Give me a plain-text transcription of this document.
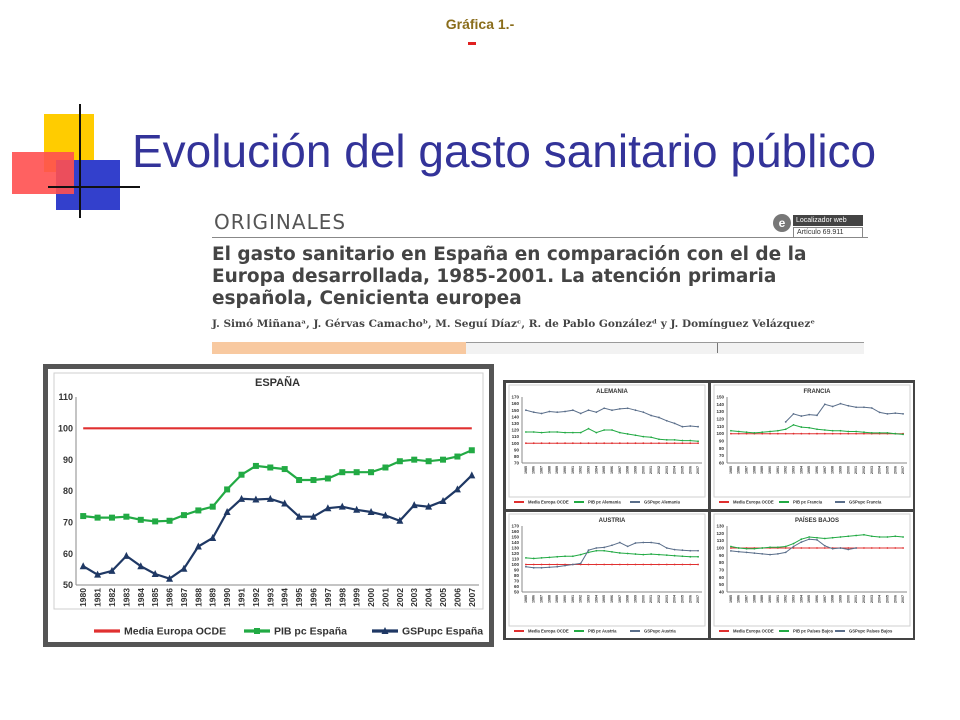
Gráfica 1.-
Evolución del gasto sanitario público
ORIGINALES	e	Localizador web
Artículo 69.911
El gasto sanitario en España en comparación con el de la Europa desarrollada, 1985-2001. La atención primaria española, Cenicienta europea
J. Simó Miñanaᵃ, J. Gérvas Camachoᵇ, M. Seguí Díazᶜ, R. de Pablo Gonzálezᵈ y J. Domínguez Velázquezᵉ
ESPAÑA
50
60
70
80
90
100
110
1980 1981 1982 1983 1984 1985 1986 1987 1988 1989 1990 1991 1992 1993 1994 1995 1996 1997 1998 1999 2000 2001 2002 2003 2004 2005 2006 2007
Media Europa OCDE	PIB pc España	GSPupc España
ALEMANIA
70
80
90
100
110
120
130
140
150
160
170
1985 1986 1987 1988 1989 1990 1991 1992 1993 1994 1995 1996 1997 1998 1999 2000 2001 2002 2003 2004 2005 2006 2007
Media Europa OCDE	PIB pc Alemania	GSPupc Alemania
FRANCIA
60
70
80
90
100
110
120
130
140
150
1985 1986 1987 1988 1989 1990 1991 1992 1993 1994 1995 1996 1997 1998 1999 2000 2001 2002 2003 2004 2005 2006 2007
Media Europa OCDE	PIB pc Francia	GSPupc Francia
AUSTRIA
50
60
70
80
90
100
110
120
130
140
150
160
170
1985 1986 1987 1988 1989 1990 1991 1992 1993 1994 1995 1996 1997 1998 1999 2000 2001 2002 2003 2004 2005 2006 2007
Media Europa OCDE	PIB pc Austria	GSPupc Austria
PAÍSES BAJOS
40
50
60
70
80
90
100
110
120
130
1985 1986 1987 1988 1989 1990 1991 1992 1993 1994 1995 1996 1997 1998 1999 2000 2001 2002 2003 2004 2005 2006 2007
Media Europa OCDE	PIB pc Países Bajos	GSPupc Países Bajos
